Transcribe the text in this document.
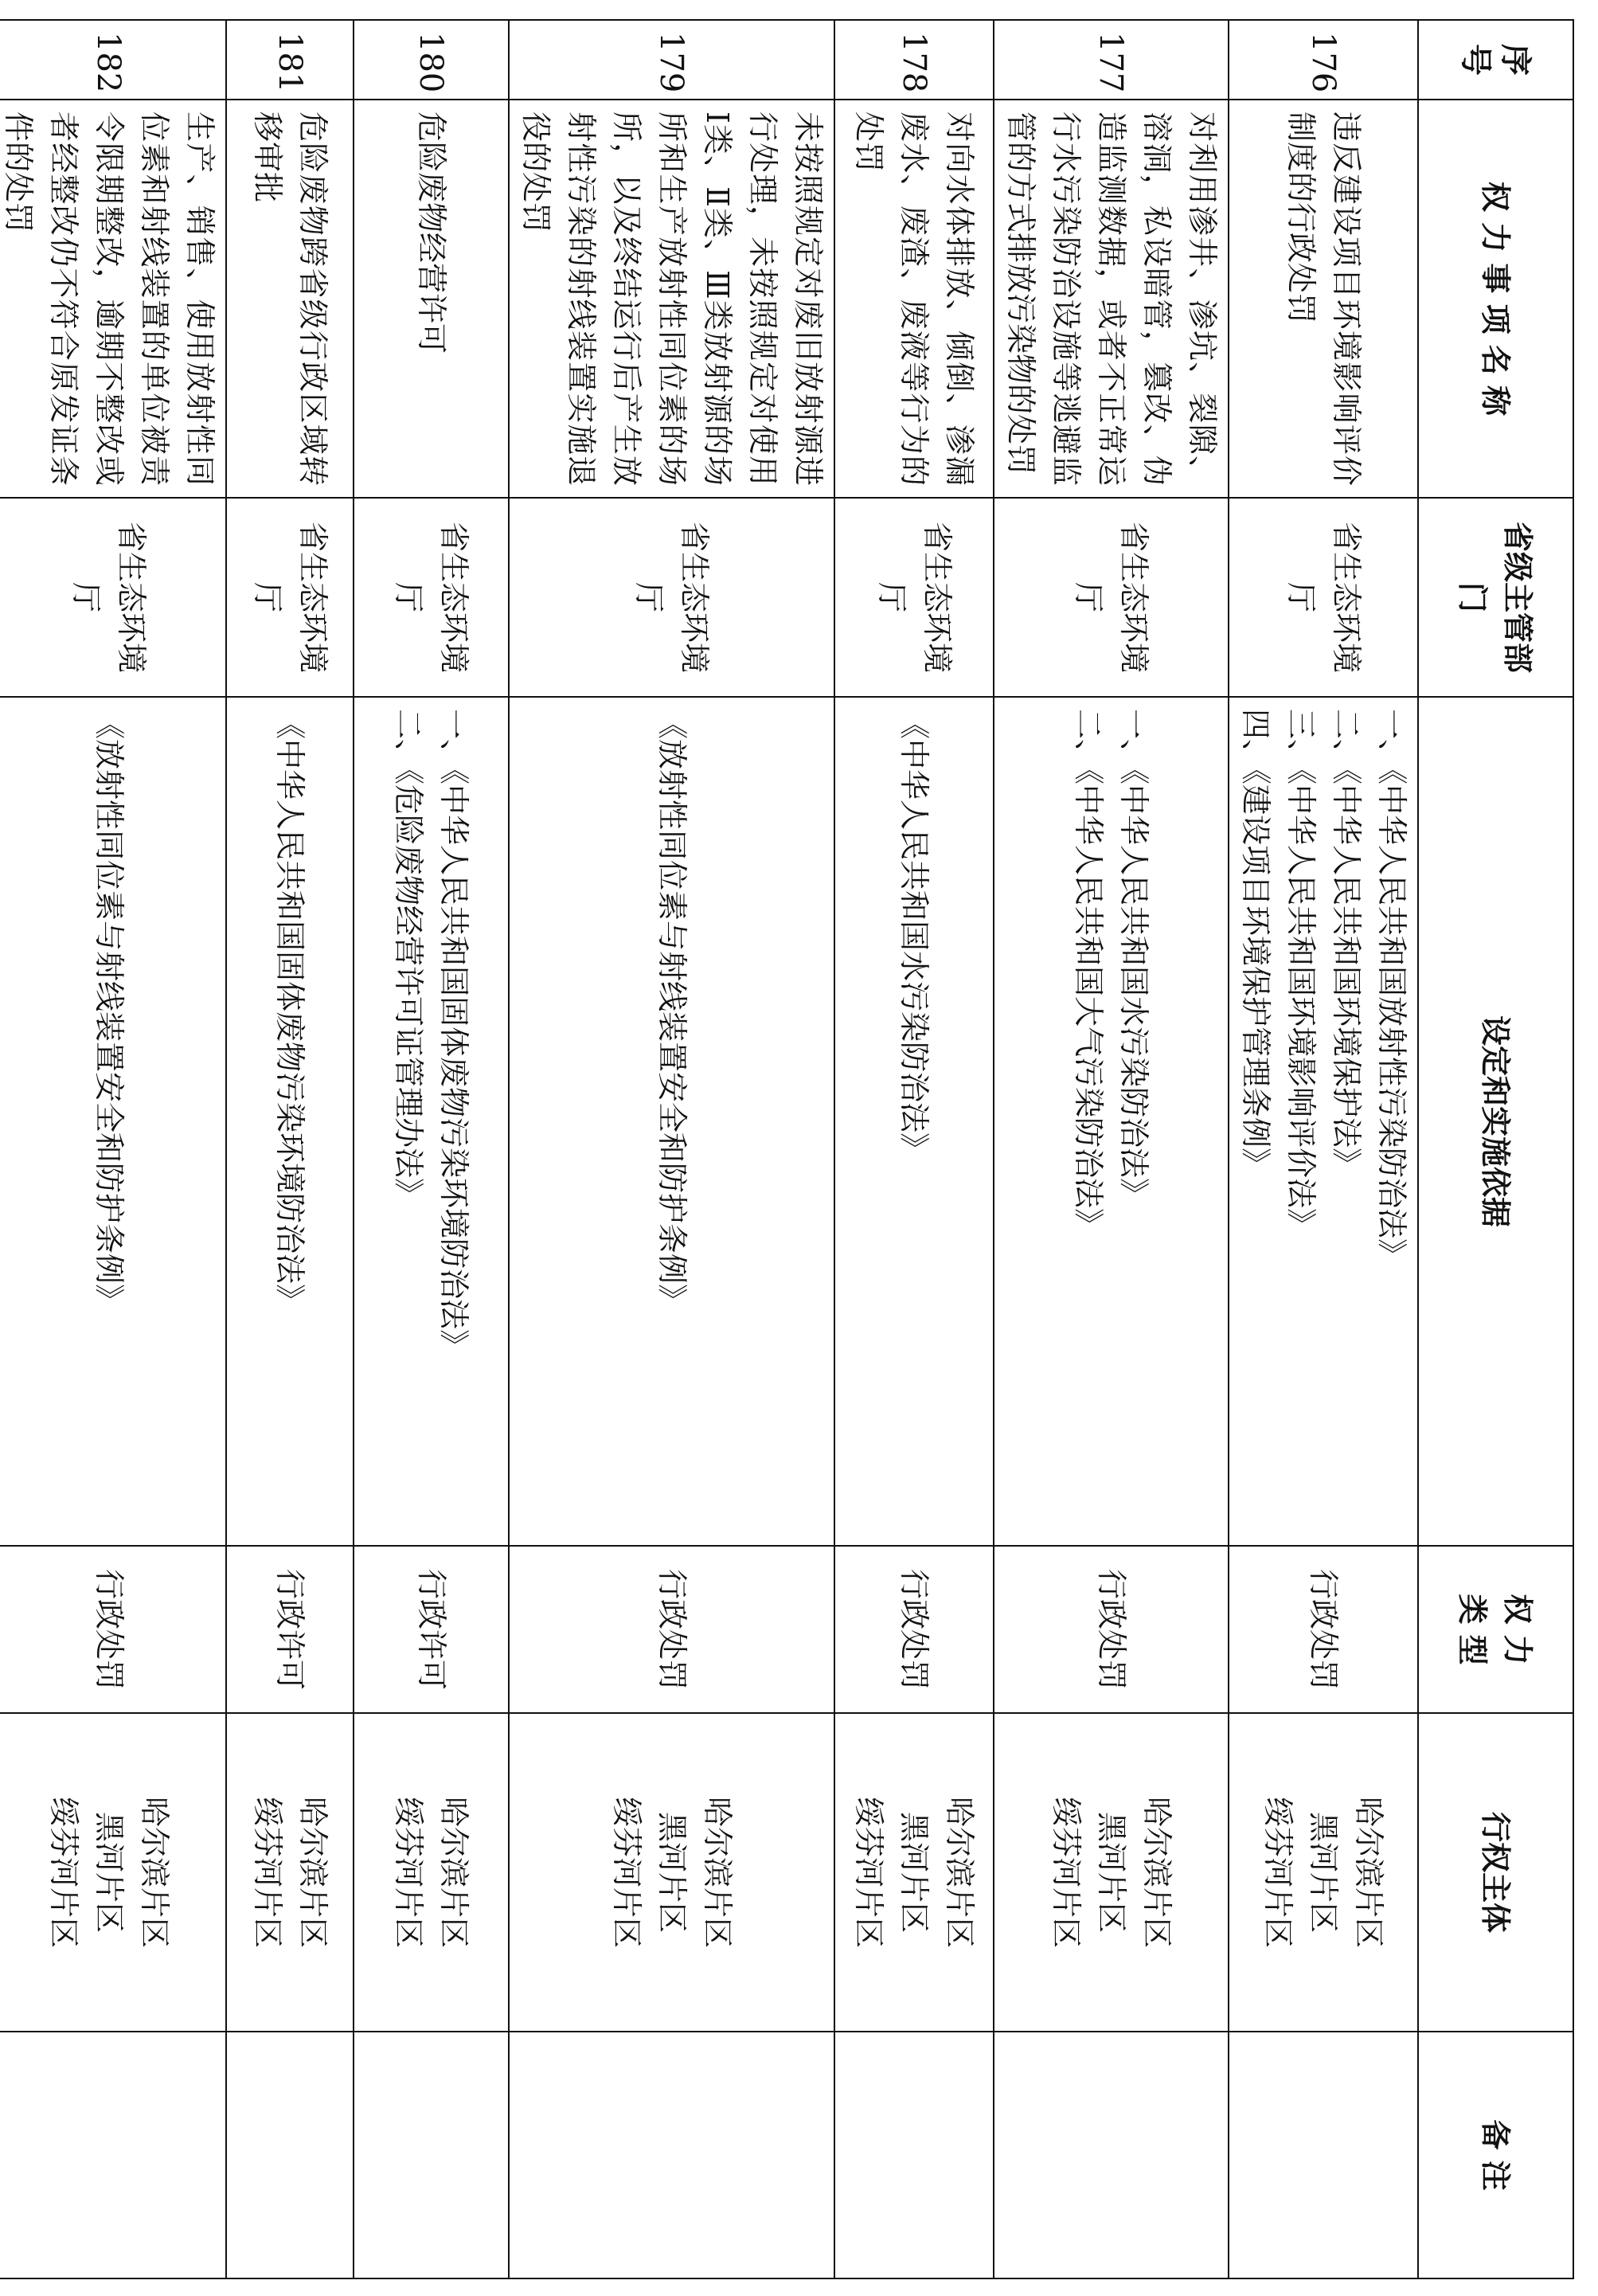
序
号	权 力 事 项 名 称	省级主管部门	设定和实施依据	权 力
类 型	行权主体	备 注
176	违反建设项目环境影响评价制度的行政处罚	省生态环境厅	一、《中华人民共和国放射性污染防治法》
二、《中华人民共和国环境保护法》
三、《中华人民共和国环境影响评价法》
四、《建设项目环境保护管理条例》	行政处罚	哈尔滨片区
黑河片区
绥芬河片区	

177	对利用渗井、渗坑、裂隙、溶洞，私设暗管，篡改、伪造监测数据，或者不正常运行水污染防治设施等逃避监管的方式排放污染物的处罚	省生态环境厅	一、《中华人民共和国水污染防治法》
二、《中华人民共和国大气污染防治法》	行政处罚	哈尔滨片区
黑河片区
绥芬河片区	

178	对向水体排放、倾倒、渗漏废水、废渣、废液等行为的处罚	省生态环境厅	《中华人民共和国水污染防治法》	行政处罚	哈尔滨片区
黑河片区
绥芬河片区	

179	未按照规定对废旧放射源进行处理，未按照规定对使用Ⅰ类、Ⅱ类、Ⅲ类放射源的场所和生产放射性同位素的场所，以及终结运行后产生放射性污染的射线装置实施退役的处罚	省生态环境厅	《放射性同位素与射线装置安全和防护条例》	行政处罚	哈尔滨片区
黑河片区
绥芬河片区	

180	危险废物经营许可	省生态环境厅	一、《中华人民共和国固体废物污染环境防治法》
二、《危险废物经营许可证管理办法》	行政许可	哈尔滨片区
绥芬河片区	

181	危险废物跨省级行政区域转移审批	省生态环境厅	《中华人民共和国固体废物污染环境防治法》	行政许可	哈尔滨片区
绥芬河片区	

182	生产、销售、使用放射性同位素和射线装置的单位被责令限期整改，逾期不整改或者经整改仍不符合原发证条件的处罚	省生态环境厅	《放射性同位素与射线装置安全和防护条例》	行政处罚	哈尔滨片区
黑河片区
绥芬河片区	
